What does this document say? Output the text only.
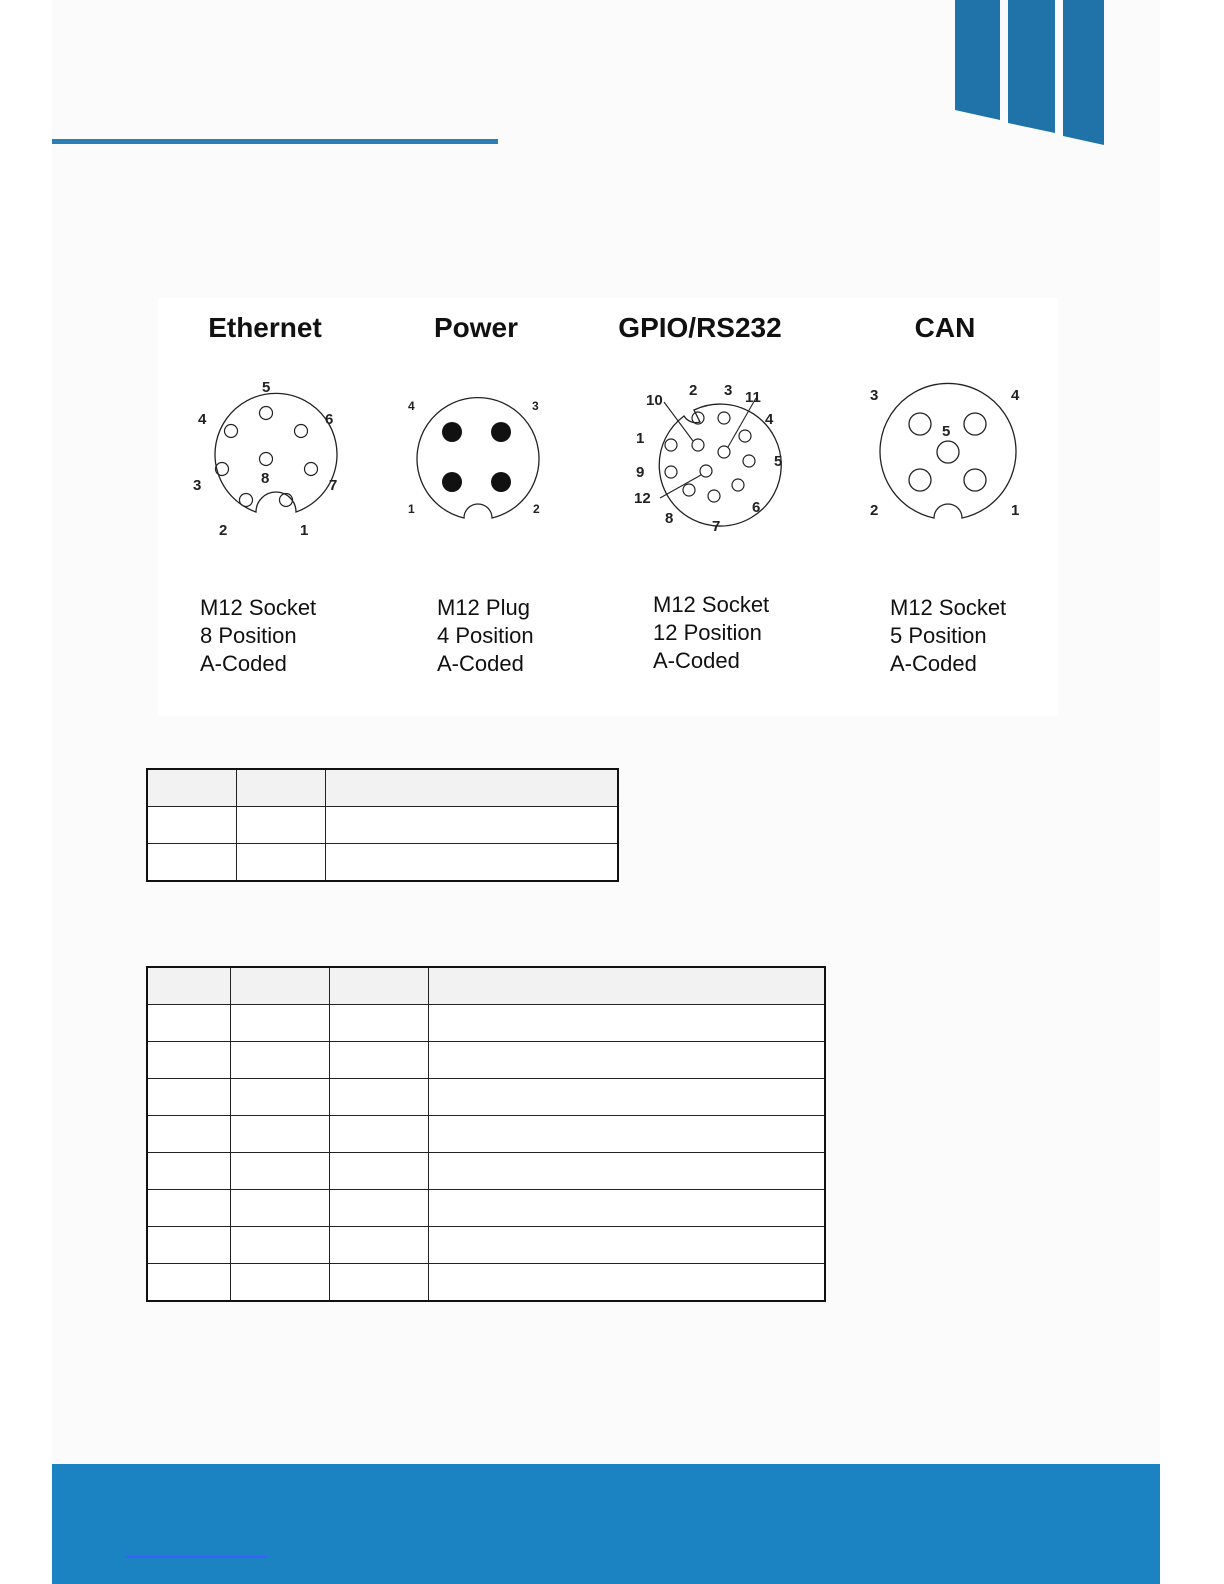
Ethernet
1
2
3
4
5
6
7
8
M12 Socket
8 Position
A-Coded
Power
1	2
3
4
M12 Plug
4 Position
A-Coded
GPIO/RS232
1
2 3
4
5
6
7
8
9
10	11
12
M12 Socket
12 Position
A-Coded
CAN
1
2
3	4
5
M12 Socket
5 Position
A-Coded
